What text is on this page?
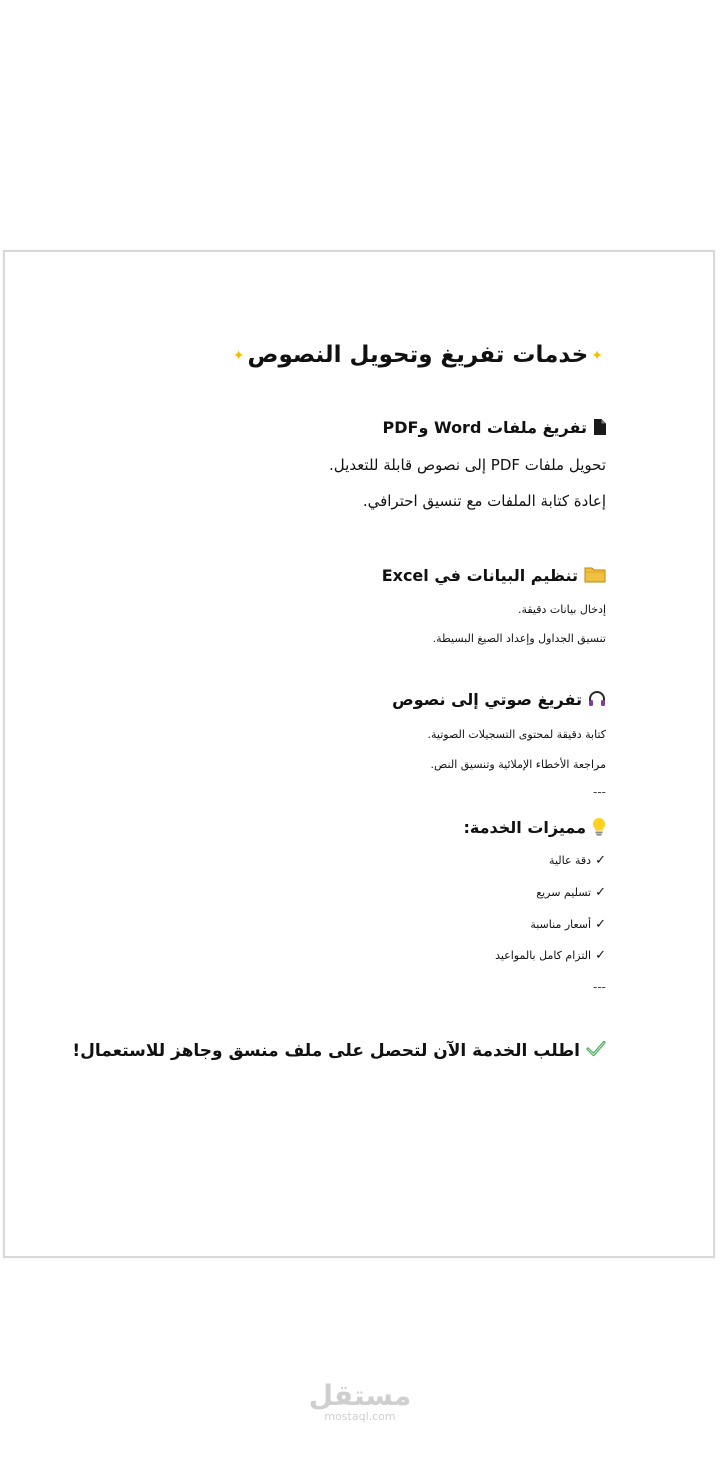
✦خدمات تفريغ وتحويل النصوص✦
تفريغ ملفات Word وPDF
تحويل ملفات PDF إلى نصوص قابلة للتعديل.
إعادة كتابة الملفات مع تنسيق احترافي.
تنظيم البيانات في Excel
إدخال بيانات دقيقة.
تنسيق الجداول وإعداد الصيغ البسيطة.
تفريغ صوتي إلى نصوص
كتابة دقيقة لمحتوى التسجيلات الصوتية.
مراجعة الأخطاء الإملائية وتنسيق النص.
---
مميزات الخدمة:
✓دقة عالية
✓تسليم سريع
✓أسعار مناسبة
✓التزام كامل بالمواعيد
---
اطلب الخدمة الآن لتحصل على ملف منسق وجاهز للاستعمال!
مستقل
mostaql.com
